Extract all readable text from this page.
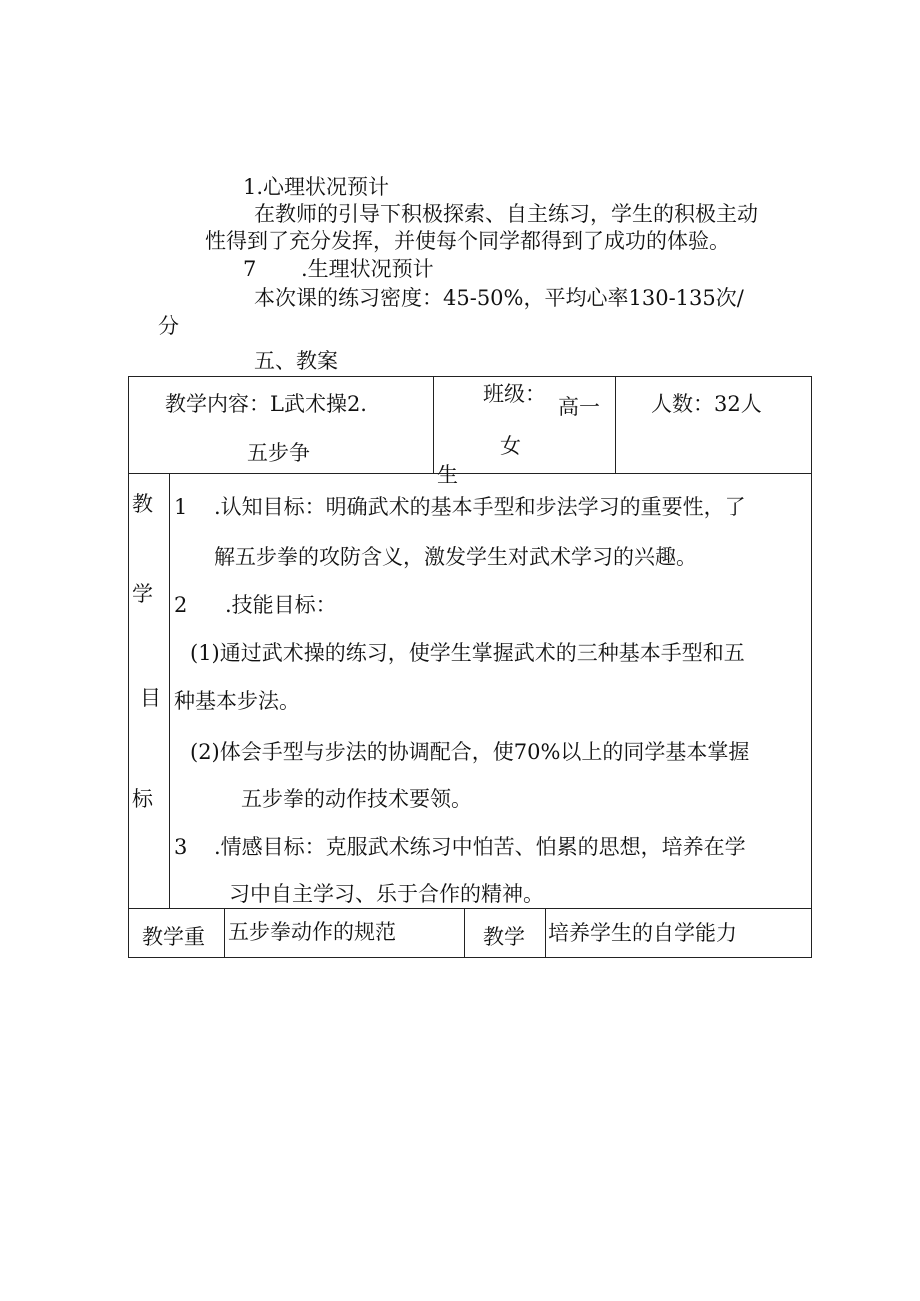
1.心理状况预计
在教师的引导下积极探索、自主练习，学生的积极主动
性得到了充分发挥，并使每个同学都得到了成功的体验。
7 .生理状况预计
本次课的练习密度：45-50%，平均心率130-135次/
分
五、教案
教学内容：L武术操2.
五步争
班级：
高一
女
生
人数：32人
教
学
目
标
1 .认知目标：明确武术的基本手型和步法学习的重要性，了
解五步拳的攻防含义，激发学生对武术学习的兴趣。
2 .技能目标：
(1)通过武术操的练习，使学生掌握武术的三种基本手型和五
种基本步法。
(2)体会手型与步法的协调配合，使70%以上的同学基本掌握
五步拳的动作技术要领。
3 .情感目标：克服武术练习中怕苦、怕累的思想，培养在学
习中自主学习、乐于合作的精神。
教学重 五步拳动作的规范	教学 培养学生的自学能力
